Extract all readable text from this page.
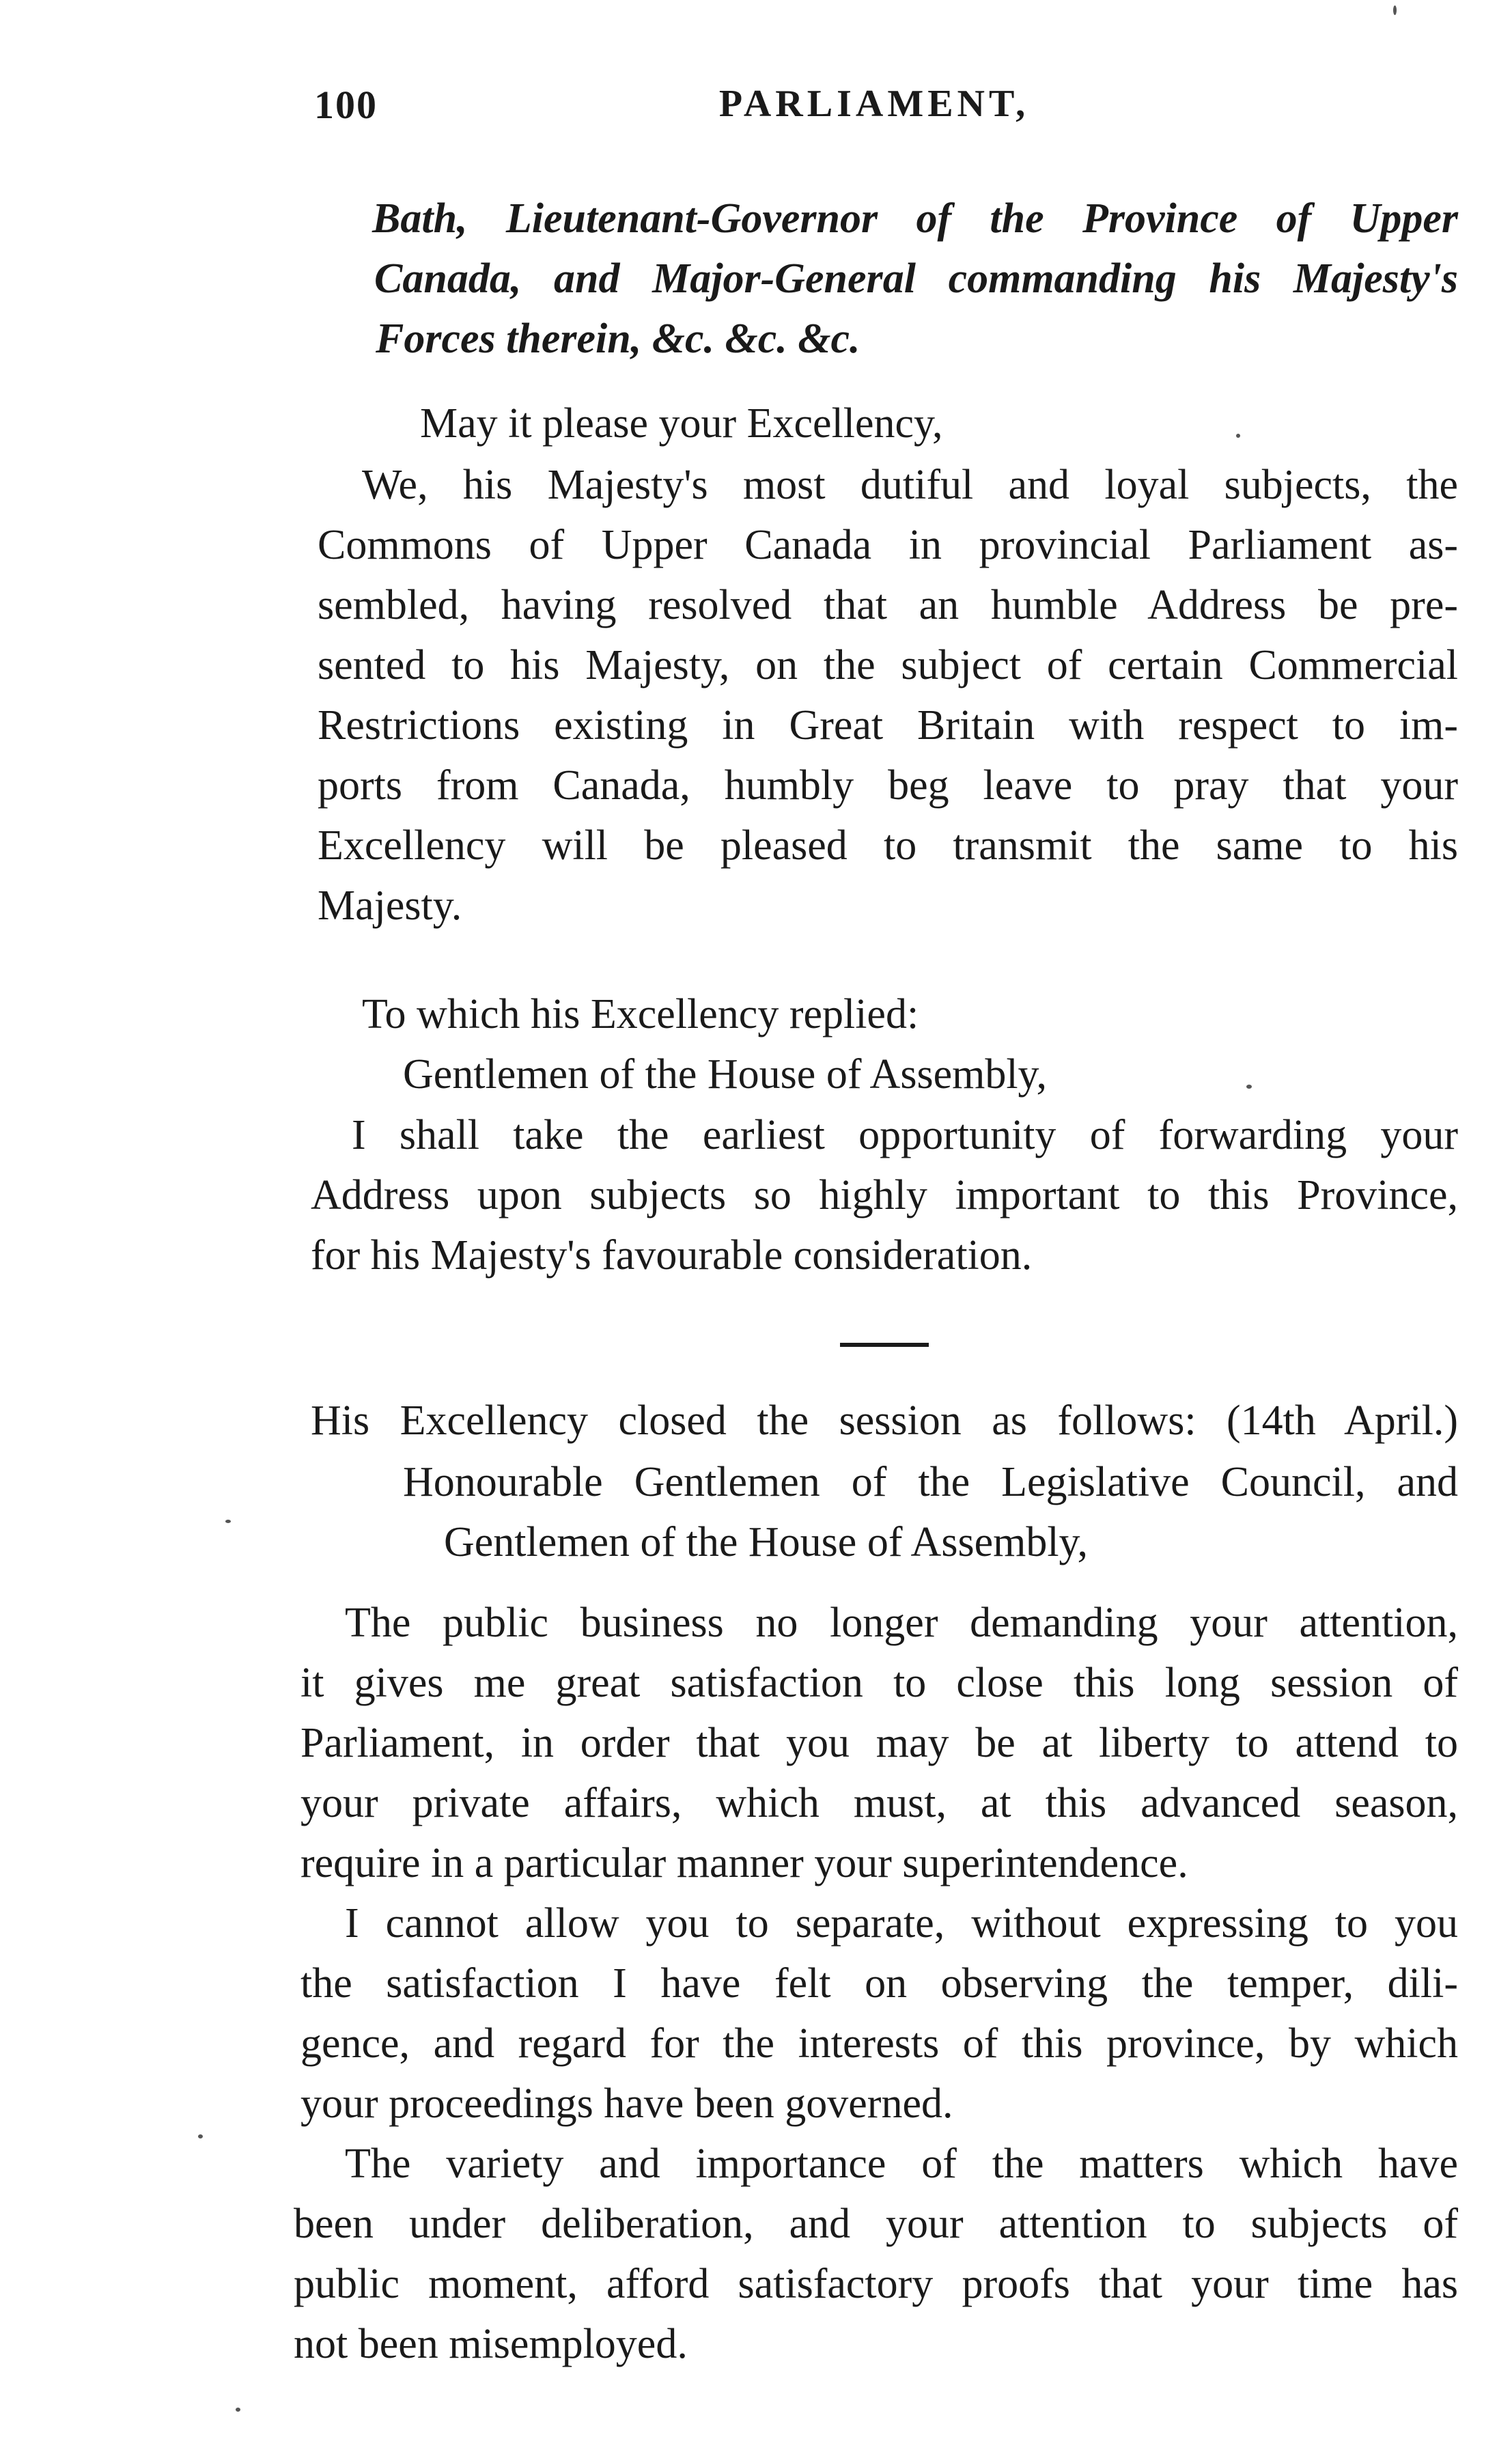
100	PARLIAMENT,
Bath, Lieutenant-Governor of the Province of Upper
Canada, and Major-General commanding his Majesty's
Forces therein, &c. &c. &c.
May it please your Excellency,
We, his Majesty's most dutiful and loyal subjects, the
Commons of Upper Canada in provincial Parliament as-
sembled, having resolved that an humble Address be pre-
sented to his Majesty, on the subject of certain Commercial
Restrictions existing in Great Britain with respect to im-
ports from Canada, humbly beg leave to pray that your
Excellency will be pleased to transmit the same to his
Majesty.
To which his Excellency replied:
Gentlemen of the House of Assembly,
I shall take the earliest opportunity of forwarding your
Address upon subjects so highly important to this Province,
for his Majesty's favourable consideration.
His Excellency closed the session as follows: (14th April.)
Honourable Gentlemen of the Legislative Council, and
Gentlemen of the House of Assembly,
The public business no longer demanding your attention,
it gives me great satisfaction to close this long session of
Parliament, in order that you may be at liberty to attend to
your private affairs, which must, at this advanced season,
require in a particular manner your superintendence.
I cannot allow you to separate, without expressing to you
the satisfaction I have felt on observing the temper, dili-
gence, and regard for the interests of this province, by which
your proceedings have been governed.
The variety and importance of the matters which have
been under deliberation, and your attention to subjects of
public moment, afford satisfactory proofs that your time has
not been misemployed.
